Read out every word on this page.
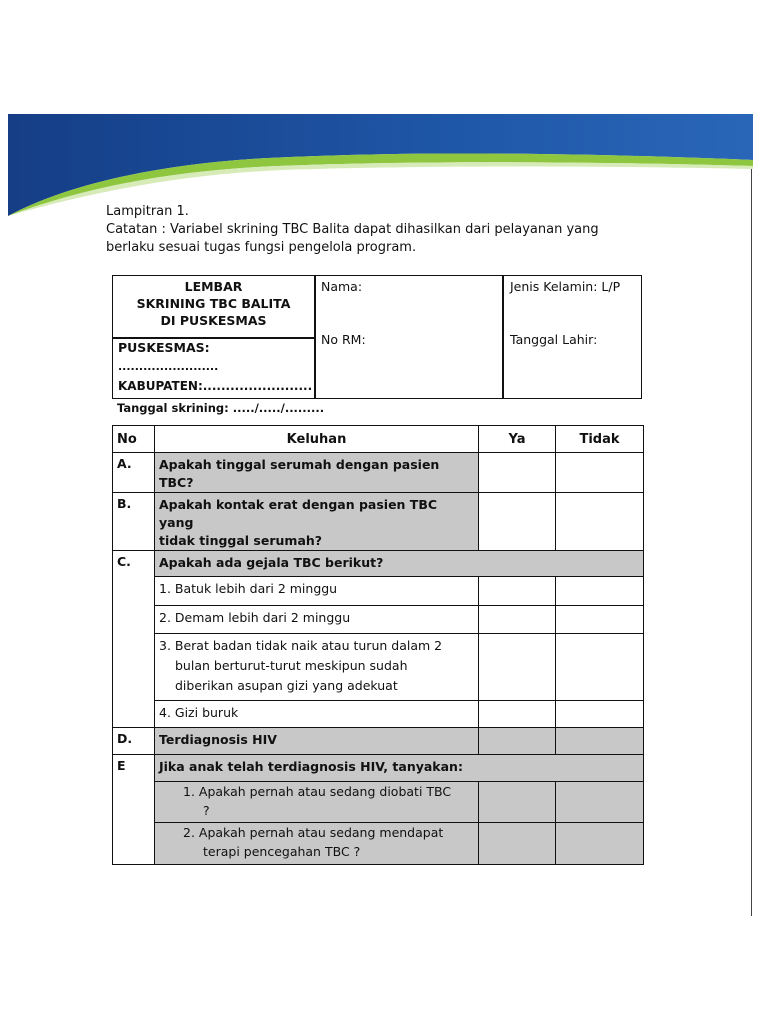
Lampitran 1.
Catatan : Variabel skrining TBC Balita dapat dihasilkan dari pelayanan yang
berlaku sesuai tugas fungsi pengelola program.
LEMBAR
SKRINING TBC BALITA
DI PUSKESMAS
PUSKESMAS:
........................
KABUPATEN:........................
Nama:
No RM:
Jenis Kelamin: L/P
Tanggal Lahir:
Tanggal skrining: ...../...../.........
No	Keluhan	Ya	Tidak
A.	Apakah tinggal serumah dengan pasien TBC?		
B.	Apakah kontak erat dengan pasien TBC yang
tidak tinggal serumah?		

C.	Apakah ada gejala TBC berikut?		
	1. Batuk lebih dari 2 minggu		
	2. Demam lebih dari 2 minggu		

	3. Berat badan tidak naik atau turun dalam 2
bulan berturut-turut meskipun sudah
diberikan asupan gizi yang adekuat		

	4. Gizi buruk		
D.	Terdiagnosis HIV		
E	Jika anak telah terdiagnosis HIV, tanyakan:		

	1. Apakah pernah atau sedang diobati TBC
?		

	2. Apakah pernah atau sedang mendapat
terapi pencegahan TBC ?		
